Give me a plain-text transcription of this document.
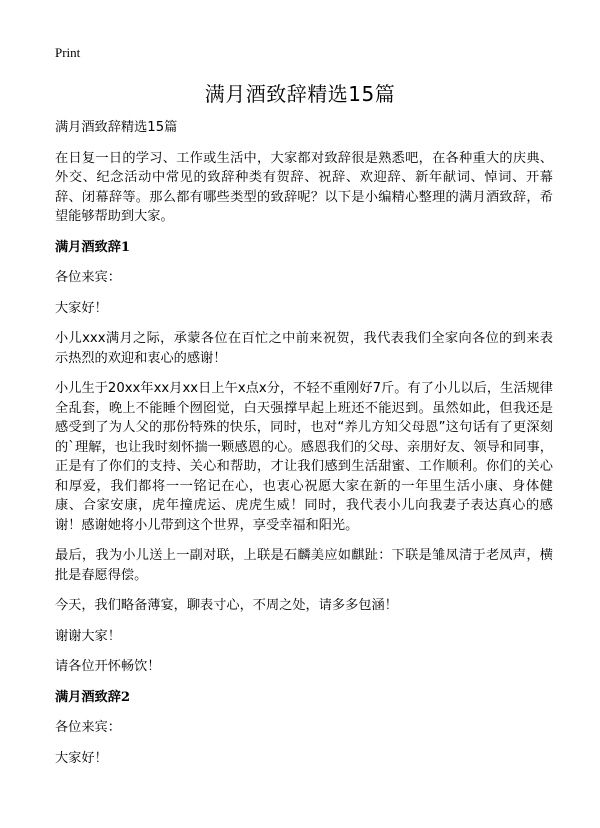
Print
满月酒致辞精选15篇

满月酒致辞精选15篇

在日复一日的学习、工作或生活中，大家都对致辞很是熟悉吧，在各种重大的庆典、外交、纪念活动中常见的致辞种类有贺辞、祝辞、欢迎辞、新年献词、悼词、开幕辞、闭幕辞等。那么都有哪些类型的致辞呢？以下是小编精心整理的满月酒致辞，希望能够帮助到大家。

满月酒致辞1

各位来宾：

大家好！

小儿xxx满月之际，承蒙各位在百忙之中前来祝贺，我代表我们全家向各位的到来表示热烈的欢迎和衷心的感谢！

小儿生于20xx年xx月xx日上午x点x分，不轻不重刚好7斤。有了小儿以后，生活规律全乱套，晚上不能睡个囫囵觉，白天强撑早起上班还不能迟到。虽然如此，但我还是感受到了为人父的那份特殊的快乐，同时，也对“养儿方知父母恩”这句话有了更深刻的`理解，也让我时刻怀揣一颗感恩的心。感恩我们的父母、亲朋好友、领导和同事，正是有了你们的支持、关心和帮助，才让我们感到生活甜蜜、工作顺利。你们的关心和厚爱，我们都将一一铭记在心，也衷心祝愿大家在新的一年里生活小康、身体健康、合家安康，虎年撞虎运、虎虎生威！同时，我代表小儿向我妻子表达真心的感谢！感谢她将小儿带到这个世界，享受幸福和阳光。

最后，我为小儿送上一副对联，上联是石麟美应如麒趾：下联是雏凤清于老凤声，横批是春愿得偿。

今天，我们略备薄宴，聊表寸心，不周之处，请多多包涵！

谢谢大家！

请各位开怀畅饮！

满月酒致辞2

各位来宾：

大家好！
